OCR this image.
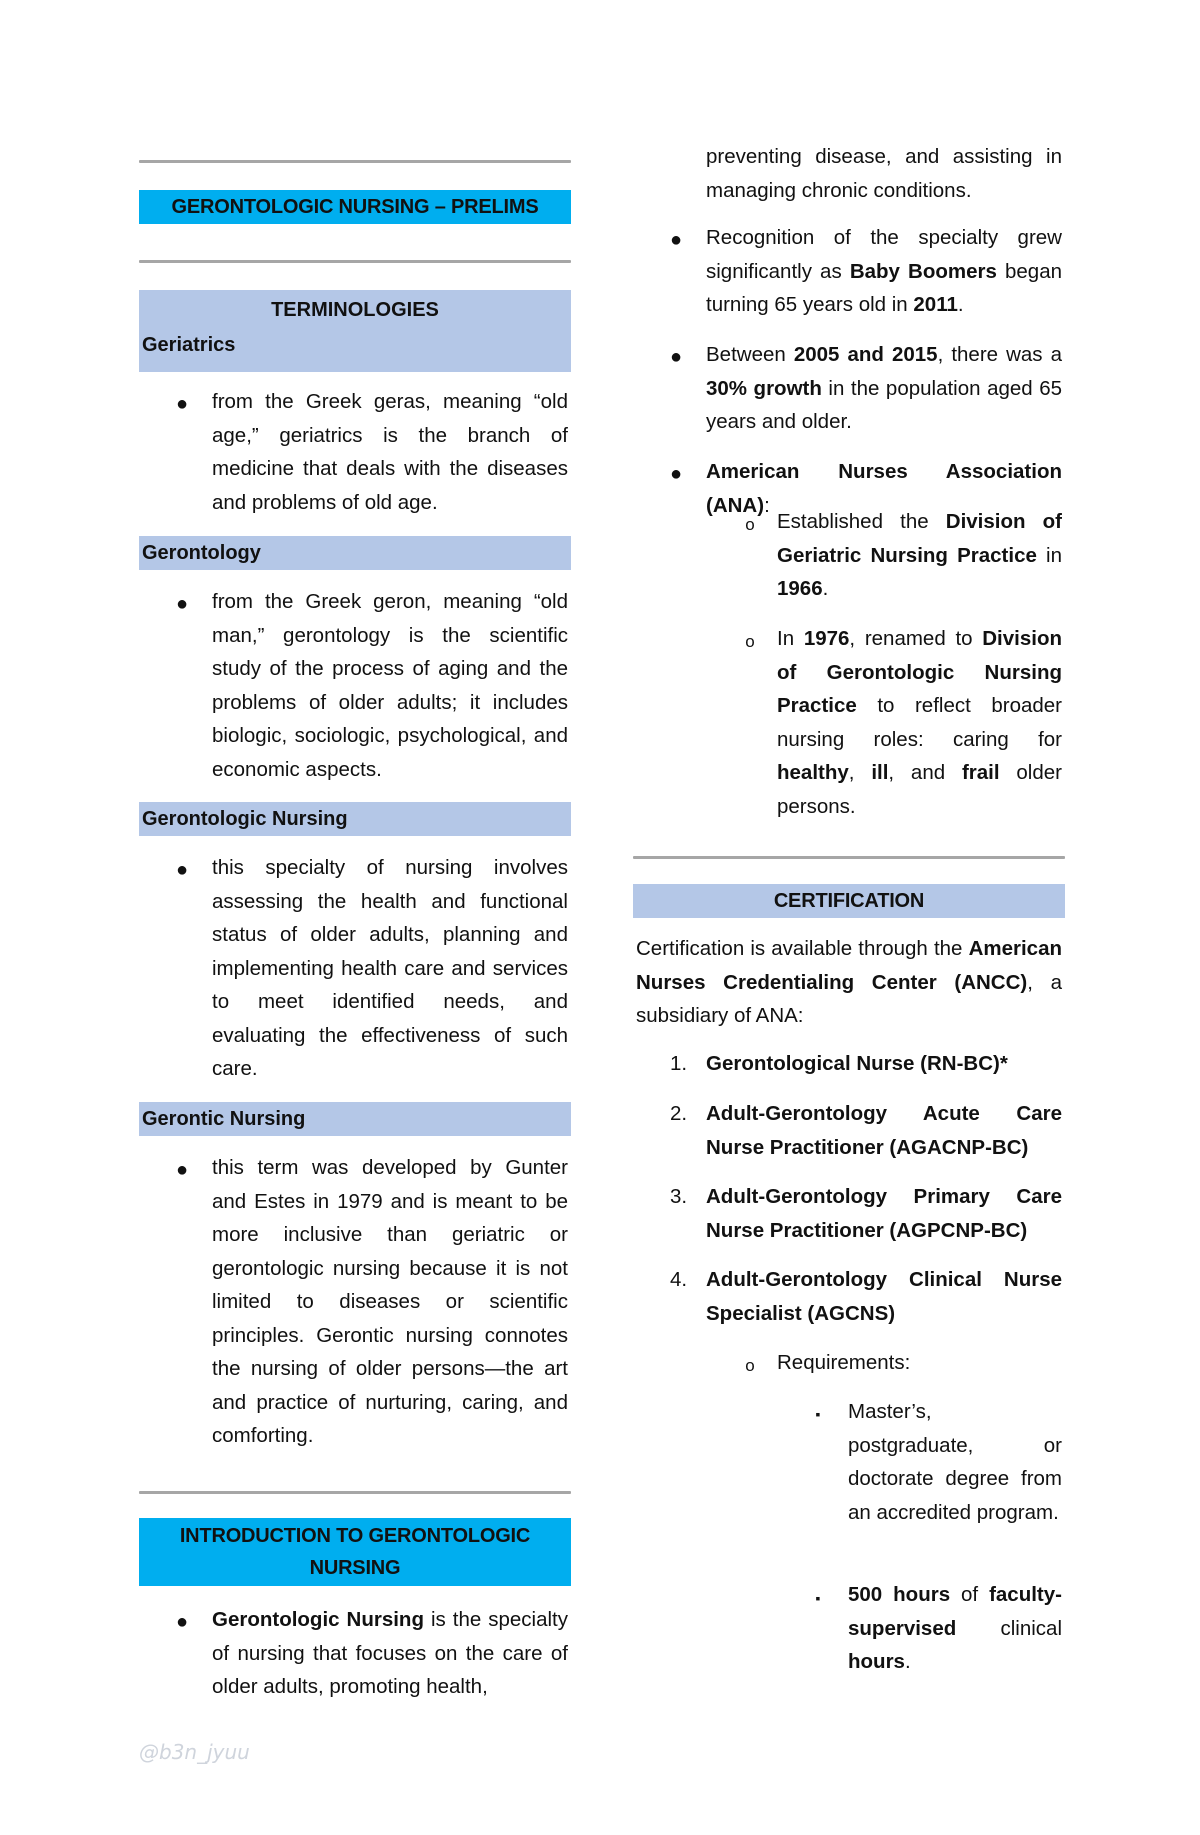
GERONTOLOGIC NURSING – PRELIMS
TERMINOLOGIES
Geriatrics
● from the Greek geras, meaning “old age,” geriatrics is the branch of medicine that deals with the diseases and problems of old age.
Gerontology
● from the Greek geron, meaning “old man,” gerontology is the scientific study of the process of aging and the problems of older adults; it includes biologic, sociologic, psychological, and economic aspects.
Gerontologic Nursing
● this specialty of nursing involves assessing the health and functional status of older adults, planning and implementing health care and services to meet identified needs, and evaluating the effectiveness of such care.
Gerontic Nursing
● this term was developed by Gunter and Estes in 1979 and is meant to be more inclusive than geriatric or gerontologic nursing because it is not limited to diseases or scientific principles. Gerontic nursing connotes the nursing of older persons—the art and practice of nurturing, caring, and comforting.
INTRODUCTION TO GERONTOLOGIC NURSING
● Gerontologic Nursing is the specialty of nursing that focuses on the care of older adults, promoting health,
preventing disease, and assisting in managing chronic conditions.
● Recognition of the specialty grew significantly as Baby Boomers began turning 65 years old in 2011.
● Between 2005 and 2015, there was a 30% growth in the population aged 65 years and older.
● American Nurses Association (ANA):
o Established the Division of Geriatric Nursing Practice in 1966.
o In 1976, renamed to Division of Gerontologic Nursing Practice to reflect broader nursing roles: caring for healthy, ill, and frail older persons.
CERTIFICATION
Certification is available through the American Nurses Credentialing Center (ANCC), a subsidiary of ANA:
1. Gerontological Nurse (RN-BC)*
2. Adult-Gerontology Acute Care Nurse Practitioner (AGACNP-BC)
3. Adult-Gerontology Primary Care Nurse Practitioner (AGPCNP-BC)
4. Adult-Gerontology Clinical Nurse Specialist (AGCNS)
o Requirements:
▪	Master’s, postgraduate, or doctorate degree from an accredited program.
▪	500 hours of faculty-supervised clinical hours.
@b3n_jyuu
